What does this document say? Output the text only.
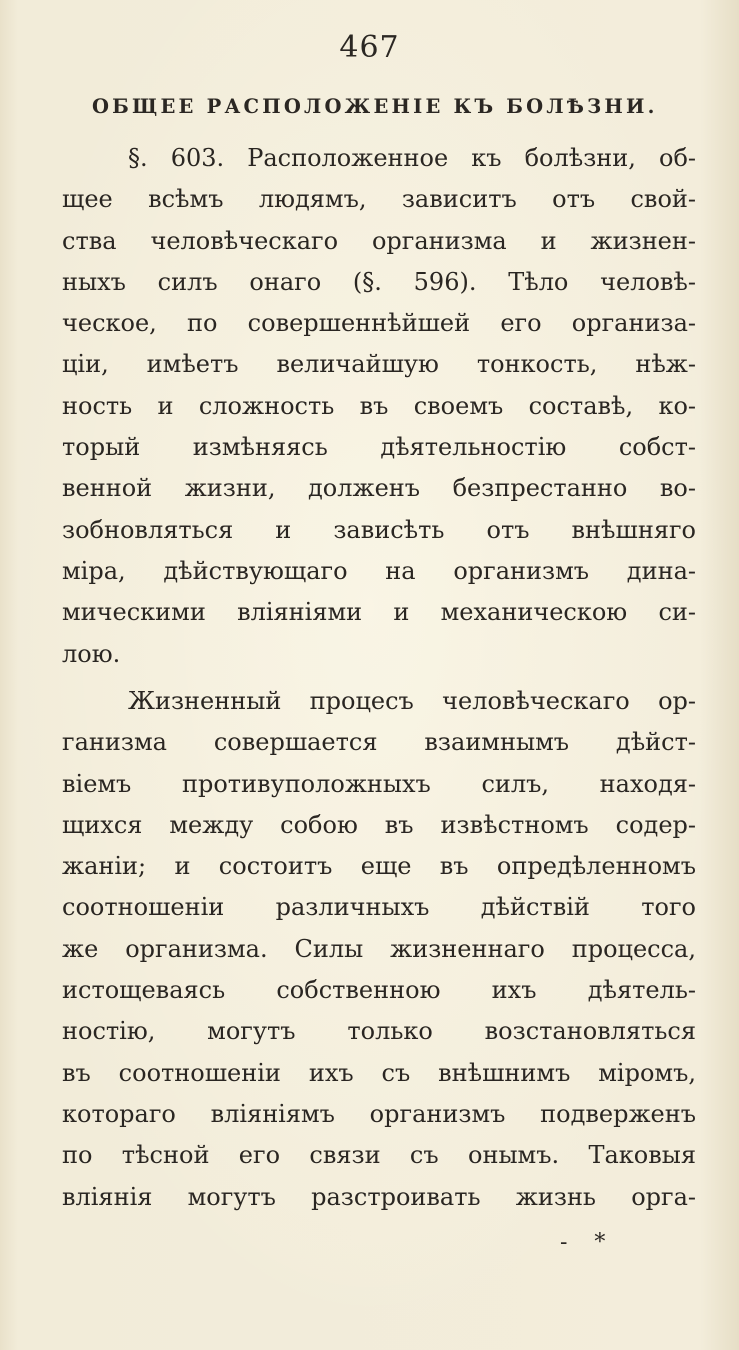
467
ОБЩЕЕ РАСПОЛОЖЕНІЕ КЪ БОЛѢЗНИ.
§. 603. Расположенное къ болѣзни, об-
щее всѣмъ людямъ, зависитъ отъ свой-
ства человѣческаго организма и жизнен-
ныхъ силъ онаго (§. 596). Тѣло человѣ-
ческое, по совершеннѣйшей его организа-
ціи, имѣетъ величайшую тонкость, нѣж-
ность и сложность въ своемъ составѣ, ко-
торый измѣняясь дѣятельностію собст-
венной жизни, долженъ безпрестанно во-
зобновляться и зависѣть отъ внѣшняго
міра, дѣйствующаго на организмъ дина-
мическими вліяніями и механическою си-
лою.
Жизненный процесъ человѣческаго ор-
ганизма совершается взаимнымъ дѣйст-
віемъ противуположныхъ силъ, находя-
щихся между собою въ извѣстномъ содер-
жаніи; и состоитъ еще въ опредѣленномъ
соотношеніи различныхъ дѣйствій того
же организма. Силы жизненнаго процесса,
истощеваясь собственною ихъ дѣятель-
ностію, могутъ только возстановляться
въ соотношеніи ихъ съ внѣшнимъ міромъ,
котораго вліяніямъ организмъ подверженъ
по тѣсной его связи съ онымъ. Таковыя
вліянія могутъ разстроивать жизнь орга-
- *
